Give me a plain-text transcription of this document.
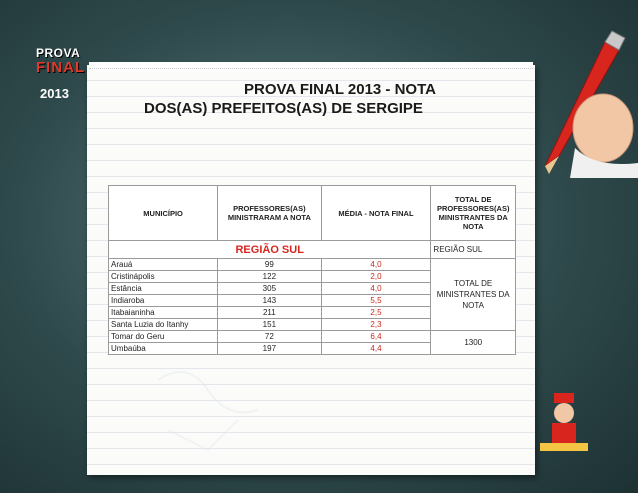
PROVA
FINAL
2013	PROVA FINAL 2013 - NOTA
DOS(AS) PREFEITOS(AS) DE SERGIPE
MUNICÍPIO	PROFESSORES(AS) MINISTRARAM A NOTA	MÉDIA - NOTA FINAL	TOTAL DE PROFESSORES(AS) MINISTRANTES DA NOTA
REGIÃO SUL			REGIÃO SUL
Arauá	99	4,0	TOTAL DE MINISTRANTES DA NOTA
Cristinápolis	122	2,0	
Estância	305	4,0	
Indiaroba	143	5,5	
Itabaianinha	211	2,5	
Santa Luzia do Itanhy	151	2,3	
Tomar do Geru	72	6,4	1300
Umbaúba	197	4,4	
